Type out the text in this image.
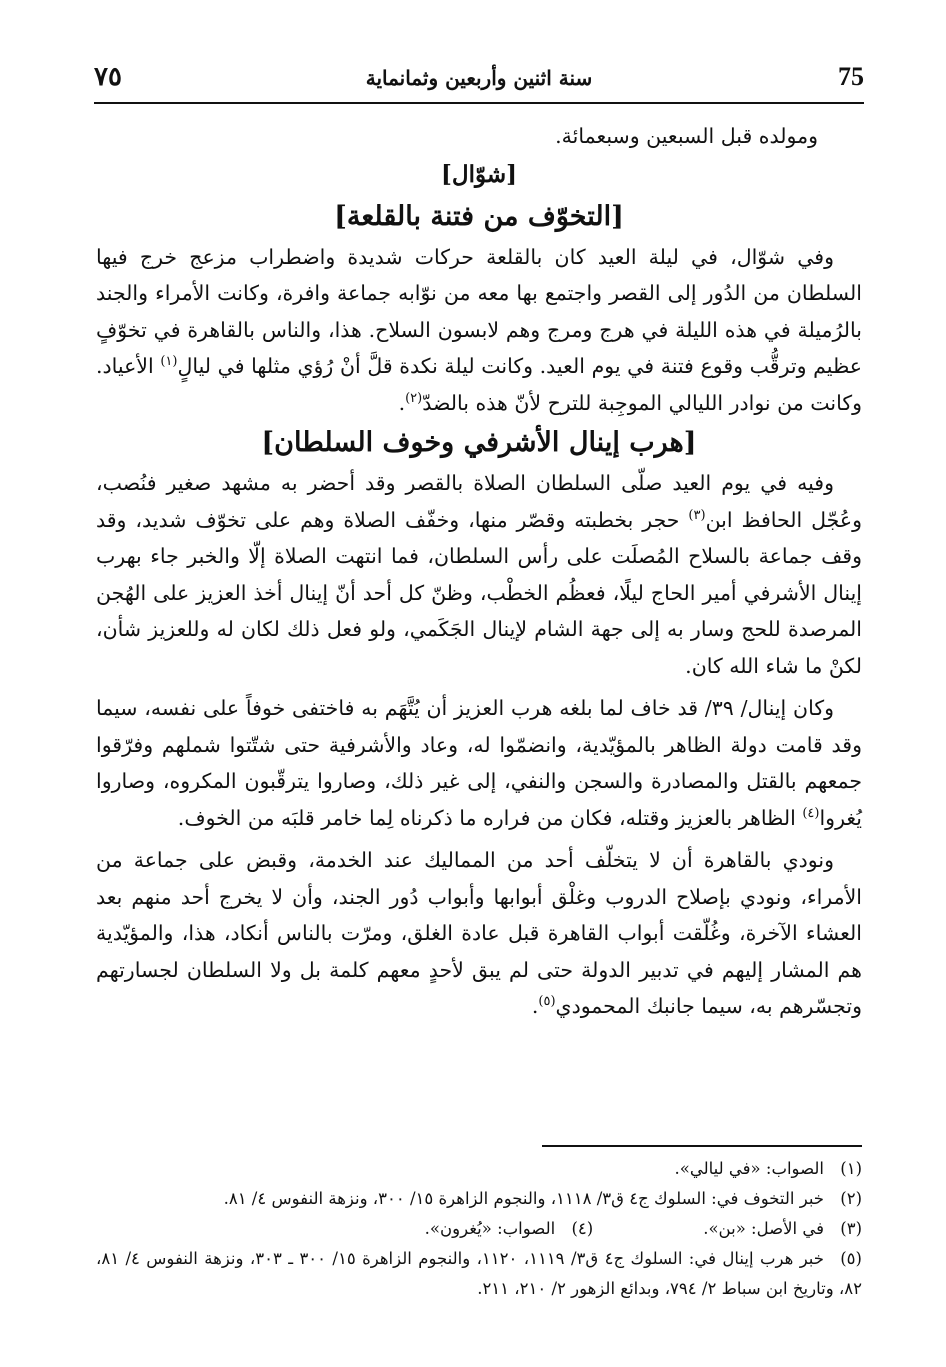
٧٥	سنة اثنين وأربعين وثمانماية	75

ومولده قبل السبعين وسبعمائة.

[شوّال]

[التخوّف من فتنة بالقلعة]

وفي شوّال، في ليلة العيد كان بالقلعة حركات شديدة واضطراب مزعج خرج فيها السلطان من الدُور إلى القصر واجتمع بها معه من نوّابه جماعة وافرة، وكانت الأمراء والجند بالرُميلة في هذه الليلة في هرج ومرج وهم لابسون السلاح. هذا، والناس بالقاهرة في تخوّفٍ عظيم وترقُّب وقوع فتنة في يوم العيد. وكانت ليلة نكدة قلَّ أنْ رُؤي مثلها في ليالٍ$^{(١)}$ الأعياد. وكانت من نوادر الليالي الموجِبة للترح لأنّ هذه بالضدّ$^{(٢)}$.

[هرب إينال الأشرفي وخوف السلطان]

وفيه في يوم العيد صلّى السلطان الصلاة بالقصر وقد أحضر به مشهد صغير فنُصب، وعُجّل الحافظ ابن$^{(٣)}$ حجر بخطبته وقصّر منها، وخفّف الصلاة وهم على تخوّف شديد، وقد وقف جماعة بالسلاح المُصلَت على رأس السلطان، فما انتهت الصلاة إلّا والخبر جاء بهرب إينال الأشرفي أمير الحاج ليلًا، فعظُم الخطْب، وظنّ كل أحد أنّ إينال أخذ العزيز على الهُجن المرصدة للحج وسار به إلى جهة الشام لإينال الجَكَمي، ولو فعل ذلك لكان له وللعزيز شأن، لكنْ ما شاء الله كان.

وكان إينال/ ٣٩/ قد خاف لما بلغه هرب العزيز أن يُتَّهَم به فاختفى خوفاً على نفسه، سيما وقد قامت دولة الظاهر بالمؤيّدية، وانضمّوا له، وعاد والأشرفية حتى شتّتوا شملهم وفرّقوا جمعهم بالقتل والمصادرة والسجن والنفي، إلى غير ذلك، وصاروا يترقّبون المكروه، وصاروا يُغروا$^{(٤)}$ الظاهر بالعزيز وقتله، فكان من فراره ما ذكرناه لِما خامر قلبَه من الخوف.

ونودي بالقاهرة أن لا يتخلّف أحد من المماليك عند الخدمة، وقبض على جماعة من الأمراء، ونودي بإصلاح الدروب وغلْق أبوابها وأبواب دُور الجند، وأن لا يخرج أحد منهم بعد العشاء الآخرة، وغُلّقت أبواب القاهرة قبل عادة الغلق، ومرّت بالناس أنكاد، هذا، والمؤيّدية هم المشار إليهم في تدبير الدولة حتى لم يبق لأحدٍ معهم كلمة بل ولا السلطان لجسارتهم وتجسّرهم به، سيما جانبك المحمودي$^{(٥)}$.

(١)الصواب: «في ليالي».

(٢)خبر التخوف في: السلوك ج٤ ق٣/ ١١١٨، والنجوم الزاهرة ١٥/ ٣٠٠، ونزهة النفوس ٤/ ٨١.

(٣)في الأصل: «بن».

(٤)الصواب: «يُغرون».

(٥)خبر هرب إينال في: السلوك ج٤ ق٣/ ١١١٩، ١١٢٠، والنجوم الزاهرة ١٥/ ٣٠٠ ـ ٣٠٣، ونزهة النفوس ٤/ ٨١، ٨٢، وتاريخ ابن سباط ٢/ ٧٩٤، وبدائع الزهور ٢/ ٢١٠، ٢١١.
